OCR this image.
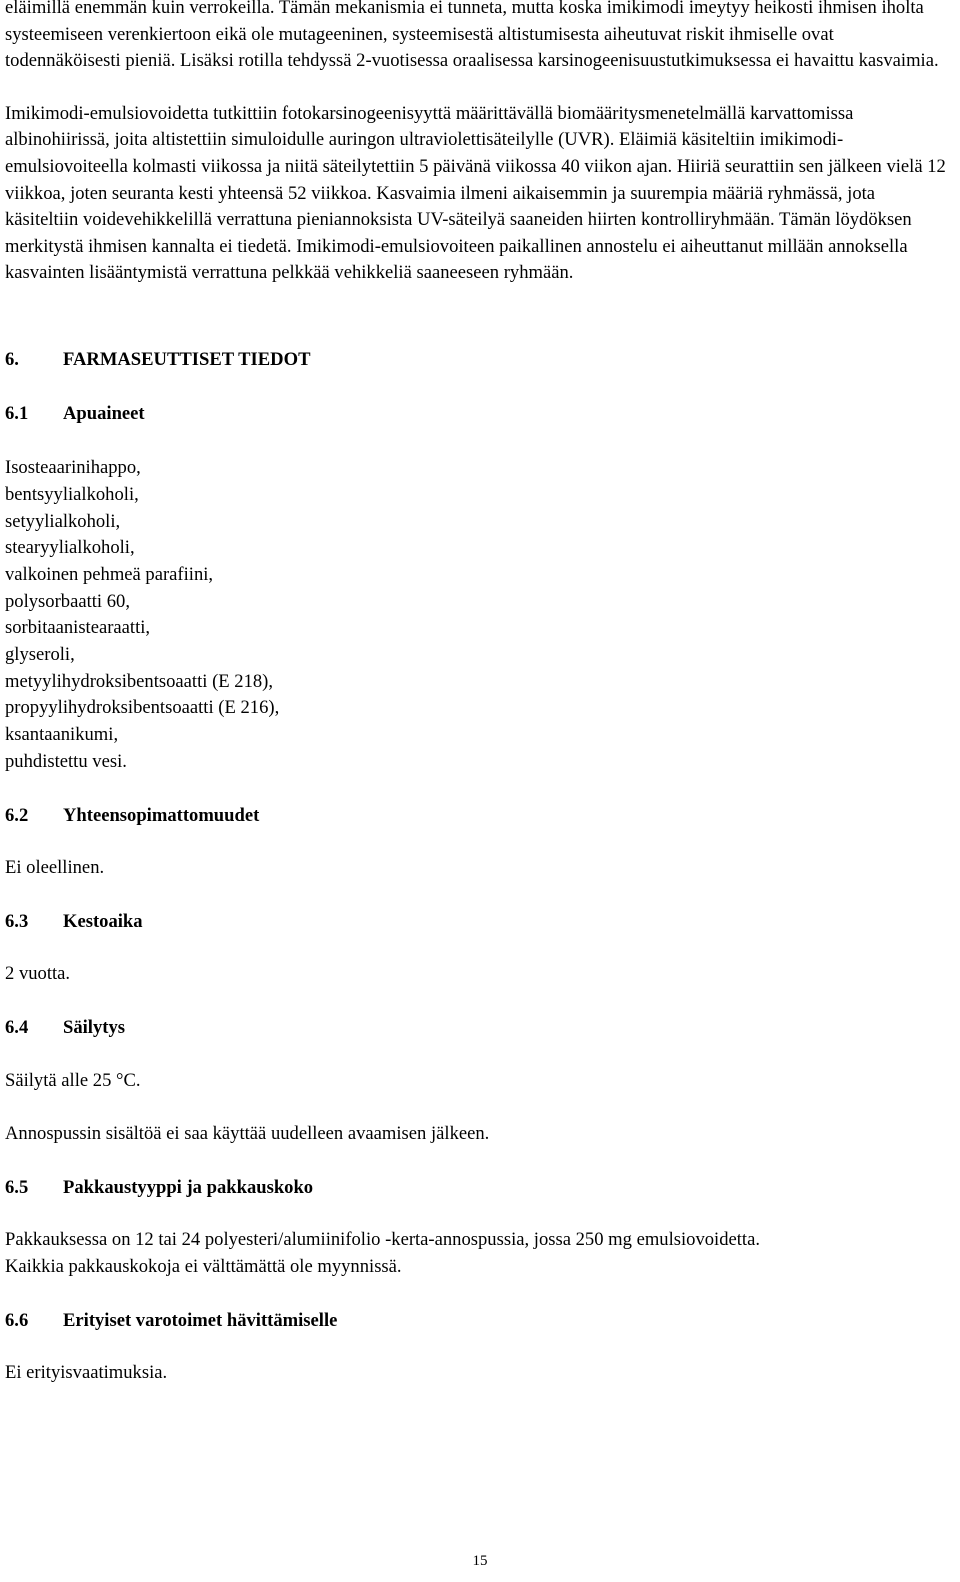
eläimillä enemmän kuin verrokeilla. Tämän mekanismia ei tunneta, mutta koska imikimodi imeytyy heikosti ihmisen iholta systeemiseen verenkiertoon eikä ole mutageeninen, systeemisestä altistumisesta aiheutuvat riskit ihmiselle ovat todennäköisesti pieniä. Lisäksi rotilla tehdyssä 2-vuotisessa oraalisessa karsinogeenisuustutkimuksessa ei havaittu kasvaimia.

Imikimodi-emulsiovoidetta tutkittiin fotokarsinogeenisyyttä määrittävällä biomääritysmenetelmällä karvattomissa albinohiirissä, joita altistettiin simuloidulle auringon ultraviolettisäteilylle (UVR). Eläimiä käsiteltiin imikimodi-emulsiovoiteella kolmasti viikossa ja niitä säteilytettiin 5 päivänä viikossa 40 viikon ajan. Hiiriä seurattiin sen jälkeen vielä 12 viikkoa, joten seuranta kesti yhteensä 52 viikkoa. Kasvaimia ilmeni aikaisemmin ja suurempia määriä ryhmässä, jota käsiteltiin voidevehikkelillä verrattuna pieniannoksista UV-säteilyä saaneiden hiirten kontrolliryhmään. Tämän löydöksen merkitystä ihmisen kannalta ei tiedetä. Imikimodi-emulsiovoiteen paikallinen annostelu ei aiheuttanut millään annoksella kasvainten lisääntymistä verrattuna pelkkää vehikkeliä saaneeseen ryhmään.

6.	FARMASEUTTISET TIEDOT
6.1	Apuaineet
Isosteaarinihappo,
bentsyylialkoholi,
setyylialkoholi,
stearyylialkoholi,
valkoinen pehmeä parafiini,
polysorbaatti 60,
sorbitaanistearaatti,
glyseroli,
metyylihydroksibentsoaatti (E 218),
propyylihydroksibentsoaatti (E 216),
ksantaanikumi,
puhdistettu vesi.
6.2	Yhteensopimattomuudet

Ei oleellinen.

6.3	Kestoaika

2 vuotta.

6.4	Säilytys

Säilytä alle 25 °C.

Annospussin sisältöä ei saa käyttää uudelleen avaamisen jälkeen.

6.5	Pakkaustyyppi ja pakkauskoko
Pakkauksessa on 12 tai 24 polyesteri/alumiinifolio -kerta-annospussia, jossa 250 mg emulsiovoidetta.
Kaikkia pakkauskokoja ei välttämättä ole myynnissä.
6.6	Erityiset varotoimet hävittämiselle

Ei erityisvaatimuksia.

15
